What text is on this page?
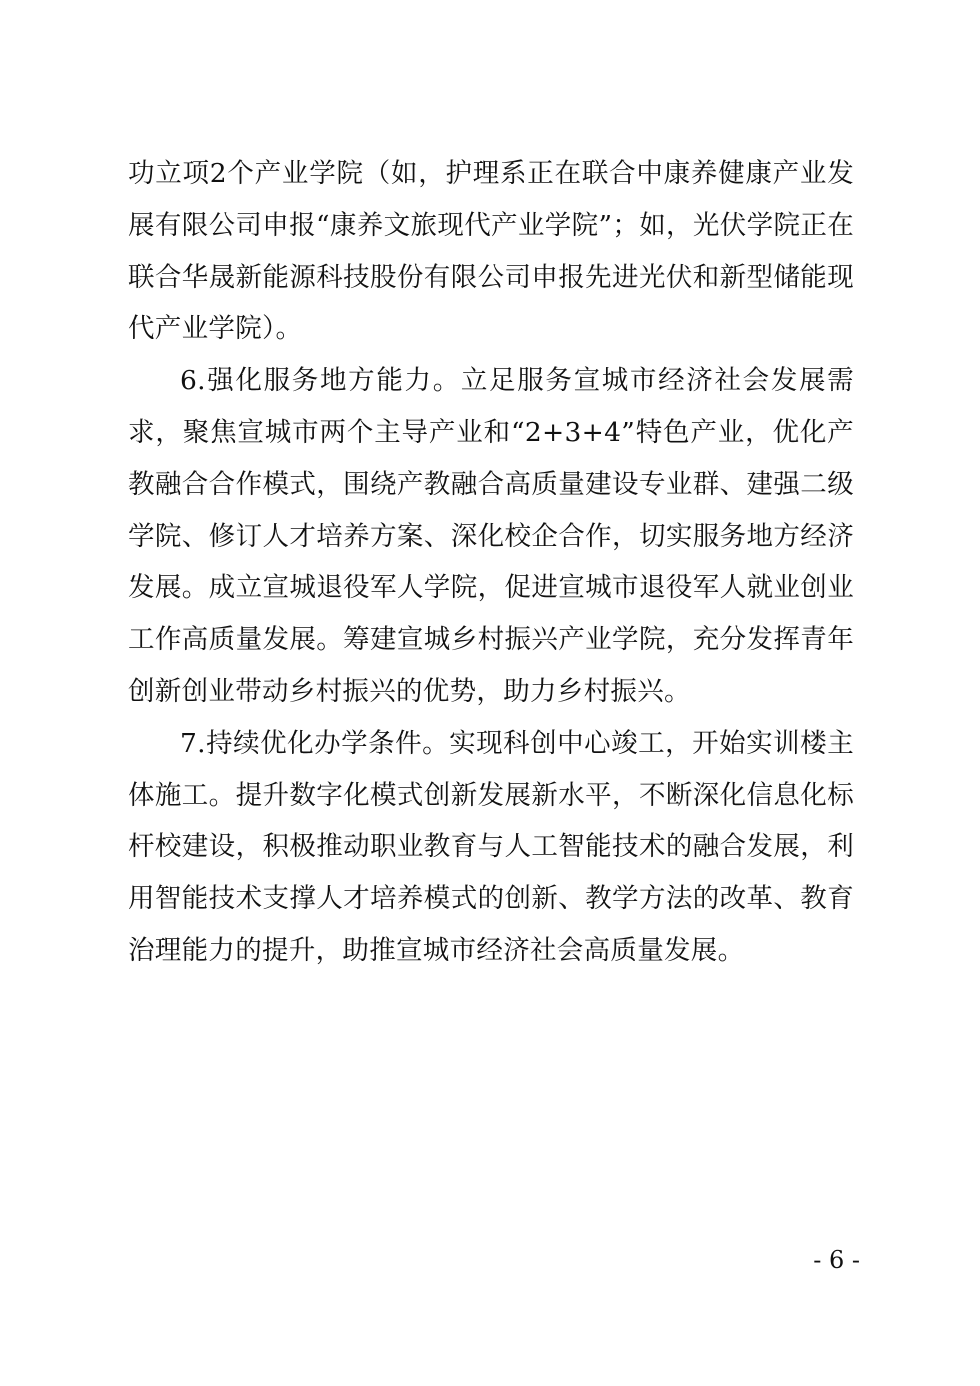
功立项2个产业学院（如，护理系正在联合中康养健康产业发展有限公司申报“康养文旅现代产业学院”；如，光伏学院正在联合华晟新能源科技股份有限公司申报先进光伏和新型储能现代产业学院）。

6.强化服务地方能力。立足服务宣城市经济社会发展需求，聚焦宣城市两个主导产业和“2+3+4”特色产业，优化产教融合合作模式，围绕产教融合高质量建设专业群、建强二级学院、修订人才培养方案、深化校企合作，切实服务地方经济发展。成立宣城退役军人学院，促进宣城市退役军人就业创业工作高质量发展。筹建宣城乡村振兴产业学院，充分发挥青年创新创业带动乡村振兴的优势，助力乡村振兴。

7.持续优化办学条件。实现科创中心竣工，开始实训楼主体施工。提升数字化模式创新发展新水平，不断深化信息化标杆校建设，积极推动职业教育与人工智能技术的融合发展，利用智能技术支撑人才培养模式的创新、教学方法的改革、教育治理能力的提升，助推宣城市经济社会高质量发展。

- 6 -
